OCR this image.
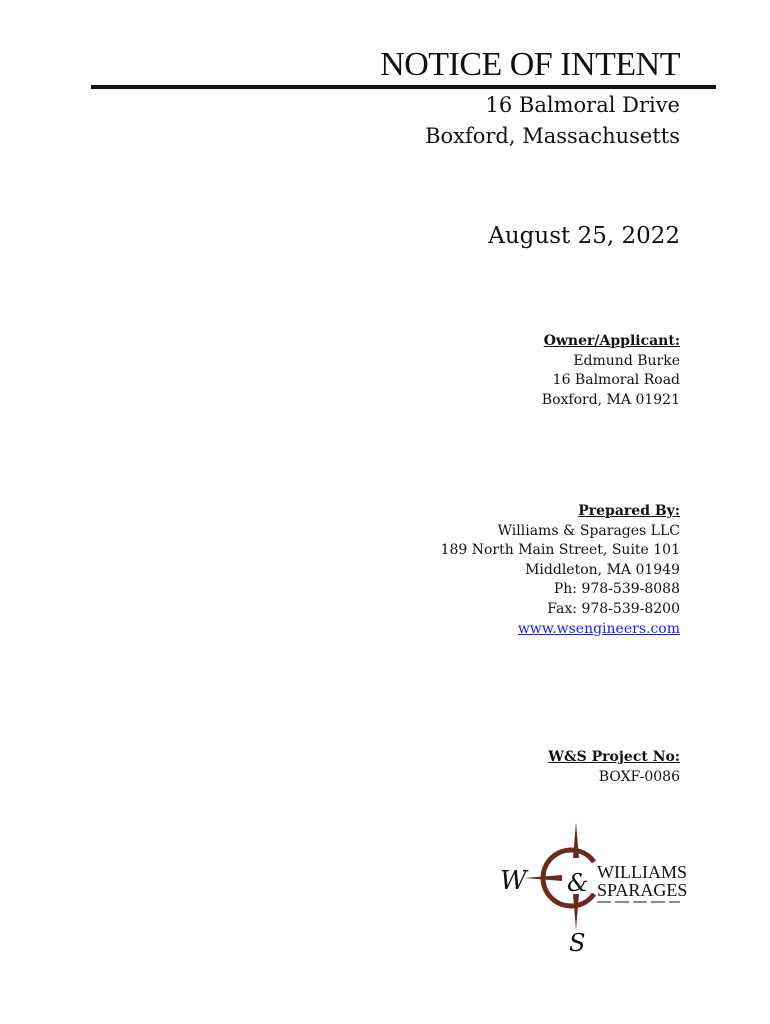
NOTICE OF INTENT
16 Balmoral Drive
Boxford, Massachusetts
August 25, 2022
Owner/Applicant:
Edmund Burke
16 Balmoral Road
Boxford, MA 01921
Prepared By:
Williams & Sparages LLC
189 North Main Street, Suite 101
Middleton, MA 01949
Ph: 978-539-8088
Fax: 978-539-8200
www.wsengineers.com
W&S Project No:
BOXF-0086
W &
S
WILLIAMS
SPARAGES
